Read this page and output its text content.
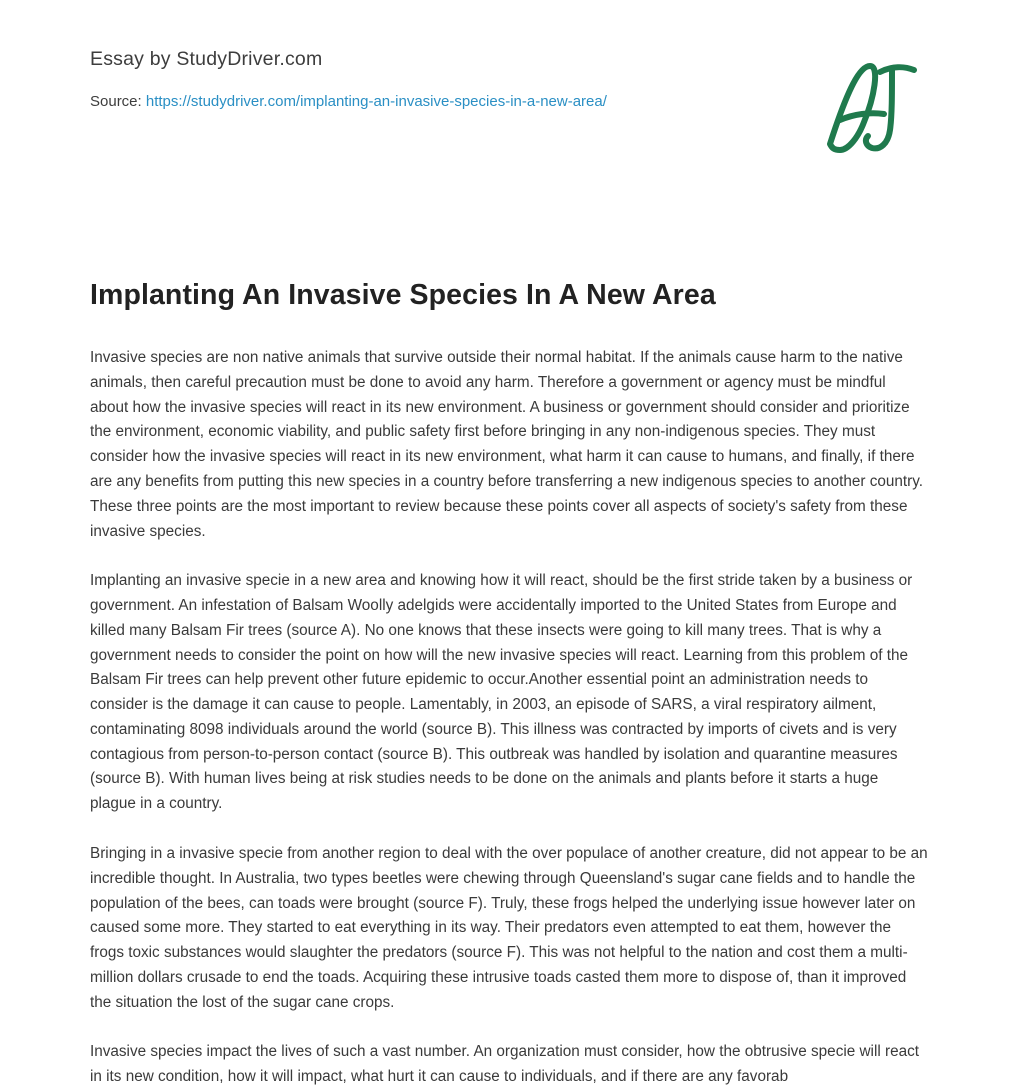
Essay by StudyDriver.com

Source: https://studydriver.com/implanting-an-invasive-species-in-a-new-area/

Implanting An Invasive Species In A New Area

Invasive species are non native animals that survive outside their normal habitat. If the animals cause harm to the native animals, then careful precaution must be done to avoid any harm. Therefore a government or agency must be mindful about how the invasive species will react in its new environment. A business or government should consider and prioritize the environment, economic viability, and public safety first before bringing in any non-indigenous species. They must consider how the invasive species will react in its new environment, what harm it can cause to humans, and finally, if there are any benefits from putting this new species in a country before transferring a new indigenous species to another country. These three points are the most important to review because these points cover all aspects of society's safety from these invasive species.

Implanting an invasive specie in a new area and knowing how it will react, should be the first stride taken by a business or government. An infestation of Balsam Woolly adelgids were accidentally imported to the United States from Europe and killed many Balsam Fir trees (source A). No one knows that these insects were going to kill many trees. That is why a government needs to consider the point on how will the new invasive species will react. Learning from this problem of the Balsam Fir trees can help prevent other future epidemic to occur.Another essential point an administration needs to consider is the damage it can cause to people. Lamentably, in 2003, an episode of SARS, a viral respiratory ailment, contaminating 8098 individuals around the world (source B). This illness was contracted by imports of civets and is very contagious from person-to-person contact (source B). This outbreak was handled by isolation and quarantine measures (source B). With human lives being at risk studies needs to be done on the animals and plants before it starts a huge plague in a country.

Bringing in a invasive specie from another region to deal with the over populace of another creature, did not appear to be an incredible thought. In Australia, two types beetles were chewing through Queensland's sugar cane fields and to handle the population of the bees, can toads were brought (source F). Truly, these frogs helped the underlying issue however later on caused some more. They started to eat everything in its way. Their predators even attempted to eat them, however the frogs toxic substances would slaughter the predators (source F). This was not helpful to the nation and cost them a multi-million dollars crusade to end the toads. Acquiring these intrusive toads casted them more to dispose of, than it improved the situation the lost of the sugar cane crops.

Invasive species impact the lives of such a vast number. An organization must consider, how the obtrusive specie will react in its new condition, how it will impact, what hurt it can cause to individuals, and if there are any favorab
